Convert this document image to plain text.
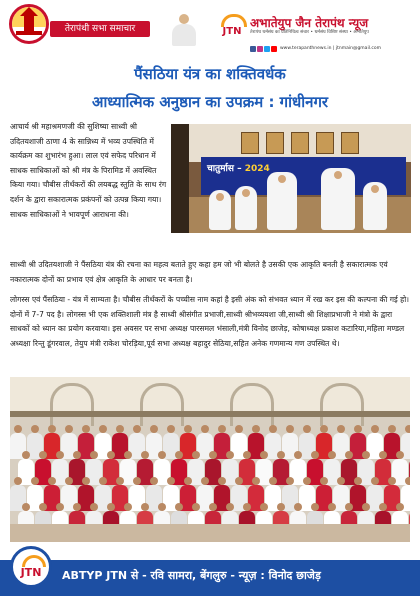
तेरापंथी सभा समाचार	JTN
अभातेयुप जैन तेरापंथ न्यूज
तेरापंथ धर्मसंघ का प्रतिनिधित्व संचार • धर्मसंघ विशिष्ट संस्था • अभातेयुप
www.terapanthnews.in | jtnmain@gmail.com
पैंसठिया यंत्र का शक्तिवर्धक
आध्यात्मिक अनुष्ठान का उपक्रम : गांधीनगर
आचार्य श्री महाश्रमणजी की सुशिष्या साध्वी श्री उदितयशाजी ठाणा 4 के सान्निध्य में भव्य उपस्थिति में कार्यक्रम का शुभारंभ हुआ। लाल एवं सफेद परिधान में साधक साधिकाओं को श्री मंत्र के पिरामिड में अवस्थित किया गया। चौबीस तीर्थंकरों की लयबद्ध स्तुति के साथ रंग दर्शन के द्वारा सकारात्मक प्रकंपनों को उत्पन्न किया गया। साधक साधिकाओं ने भावपूर्ण आराधना की।
चातुर्मास – 2024
साध्वी श्री उदितयशाजी ने पैंसठिया यंत्र की रचना का महत्व बताते हुए कहा हम जो भी बोलते है उसकी एक आकृति बनती है सकारात्मक एवं नकारात्मक दोनों का प्रभाव एवं क्षेत्र आकृति के आधार पर बनता है।
लोगस्स एवं पैंसठिया - यंत्र में साम्यता है। चौबीस तीर्थंकरों के पच्चीस नाम कहां है इसी अंक को संभवत ध्यान में रख कर इस की कल्पना की गई हो। दोनों में 7-7 पद है। लोगस्स भी एक शक्तिशाली मंत्र है साध्वी श्रीसंगीत प्रभाजी,साध्वी श्रीभव्ययशा जी,साध्वी श्री शिक्षाप्रभाजी ने मंत्रो के द्वारा साधकों को ध्यान का प्रयोग करवाया। इस अवसर पर सभा अध्यक्ष पारसमल भंसाली,मंत्री विनोद छाजेड़, कोषाध्यक्ष प्रकाश कटारिया,महिला मण्डल अध्यक्षा रिन्तु डूंगरवाल, तेयुप मंत्री राकेश चोरड़िया,पूर्व सभा अध्यक्ष बहादुर सेठिया,सहित अनेक गणमान्य गण उपस्थित थे।
JTN	ABTYP JTN से - रवि सामरा, बेंगलुरु - न्यूज़ : विनोद छाजेड़
